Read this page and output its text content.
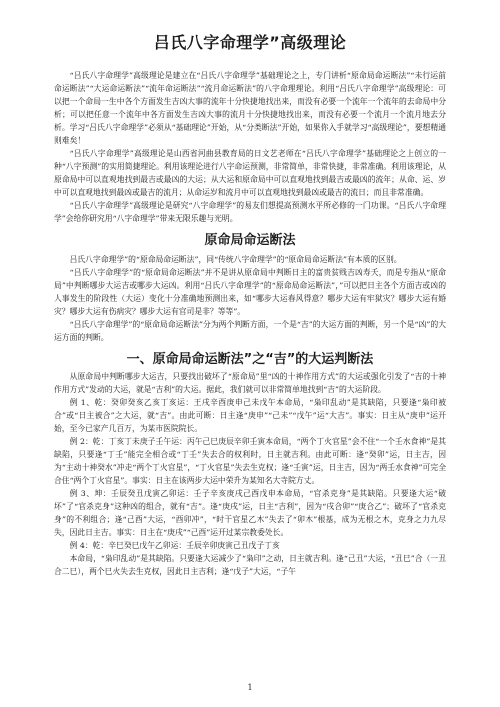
吕氏八字命理学”高级理论

“吕氏八字命理学”高级理论是建立在“吕氏八字命理学”基础理论之上，专门讲析“原命局命运断法”“未行运前命运断法”“大运命运断法”“流年命运断法”“流月命运断法”的八字命理理论。利用“吕氏八字命理学”高级理论：可以把一个命局一生中各个方面发生吉凶大事的流年十分快捷地找出来，而没有必要一个流年一个流年的去命局中分析；可以把任意一个流年中各方面发生吉凶大事的流月十分快捷地找出来，而没有必要一个流月一个流月地去分析。学习“吕氏八字命理学”必须从“基础理论”开始，从“分类断法”开始，如果你入手就学习“高级理论”，要想精通则难矣！

“吕氏八字命理学”高级理论是山西省河曲县教育局的日文艺老师在“吕氏八字命理学”基础理论之上创立的一种“八字预测”的实用简捷理论。利用该理论进行八字命运预测，非常简单，非常快捷，非常准确。利用该理论，从原命局中可以直观地找到最吉或最凶的大运；从大运和原命局中可以直观地找到最吉或最凶的流年；从命、运、岁中可以直观地找到最凶或最吉的流月；从命运岁和流月中可以直观地找到最凶或最吉的流日；而且非常准确。

“吕氏八字命理学”高级理论是研究“八字命理学”的易友们想提高预测水平所必修的一门功课。“吕氏八字命理学”会给你研究用“八字命理学”带来无限乐趣与光明。

原命局命运断法

吕氏八字命理学”的“原命局命运断法”，同“传统八字命理学”的“原命局命运断法”有本质的区别。

“吕氏八字命理学”的“原命局命运断法”并不是讲从原命局中判断日主的富贵贫贱吉凶寿夭，而是专指从“原命局”中判断哪步大运吉或哪步大运凶。利用“吕氏八字命理学”的“原命局命运断法”，”可以把日主各个方面吉或凶的人事发生的阶段性（大运）变化十分准确地预测出来，如“哪步大运春风得意？哪步大运有牢狱灾？哪步大运有婚灾？哪步大运有伤病灾？哪步大运有官司是非？等等”。

“吕氏八字命理学”的“原命局命运断法”分为两个判断方面，一个是“吉”的大运方面的判断，另一个是“凶”的大运方面的判断。

一、原命局命运断法”之“吉”的大运判断法

从原命局中判断哪步大运吉，只要找出破坏了“原命局”里“凶的十神作用方式”的大运或强化引发了“吉的十神作用方式”发动的大运，就是“吉利”的大运。据此，我们就可以非常简单地找到“吉”的大运阶段。

例 1、乾：癸卯癸亥乙亥丁亥运：王戌辛酉庚申己未戊午本命局，“枭印乱动”是其缺陷，只要逢“枭印被合”或“日主被合”之大运，就“吉”。由此可断：日主逢“庚申”“己未”“戊午”运“大吉”。事实：日主从“庚申”运开始，至今已家产几百万，为某市医院院长。

例 2：乾：丁亥丁未庚子壬午运：丙午己巳庚辰辛卯壬寅本命局，“两个丁火官星”会不住“一个壬水食神”是其缺陷，只要逢“丁壬”能完全相合或“丁壬”失去合的权利时，日主就吉利。由此可断：逢“癸卯”运，日主吉，因为“主动十神癸水”冲走“两个丁火官星”，“丁火官星”失去生克权；逢“壬寅”运，日主吉，因为“两壬水食神”可完全合住“两个丁火官星”。事实：日主在该两步大运中荣升为某知名大寺院方丈。

例 3、坤：壬辰癸丑戊寅乙卯运：壬子辛亥庚戌己酉戊申本命局，“官杀克身”是其缺陷。只要逢大运“破坏”了“官杀克身”这种凶的组合，就有“吉”。逢“庚戌”运，日主“吉利”，因为“戌合卯”“庚合乙”；破坏了“官杀克身”的不利组合；逢“己酉”大运，“酉卯冲”，“时干官星乙木”失去了“卯木”根基，成为无根之木，克身之力九尽失，因此日主吉。事实：日主在“庚戌”“己酉”运开过某宗教委处长。

例 4：乾：辛巳癸巳戊午乙卯运：壬辰辛卯庚寅己丑戊子丁亥

本命局，“枭印乱动”是其缺陷。只要逢大运减少了“枭印”之动，日主就吉利。逢“己丑”大运，“丑巳”合（一丑合二巳），两个巳火失去生克权，因此日主吉利；逢“戊子”大运，“子午

1
